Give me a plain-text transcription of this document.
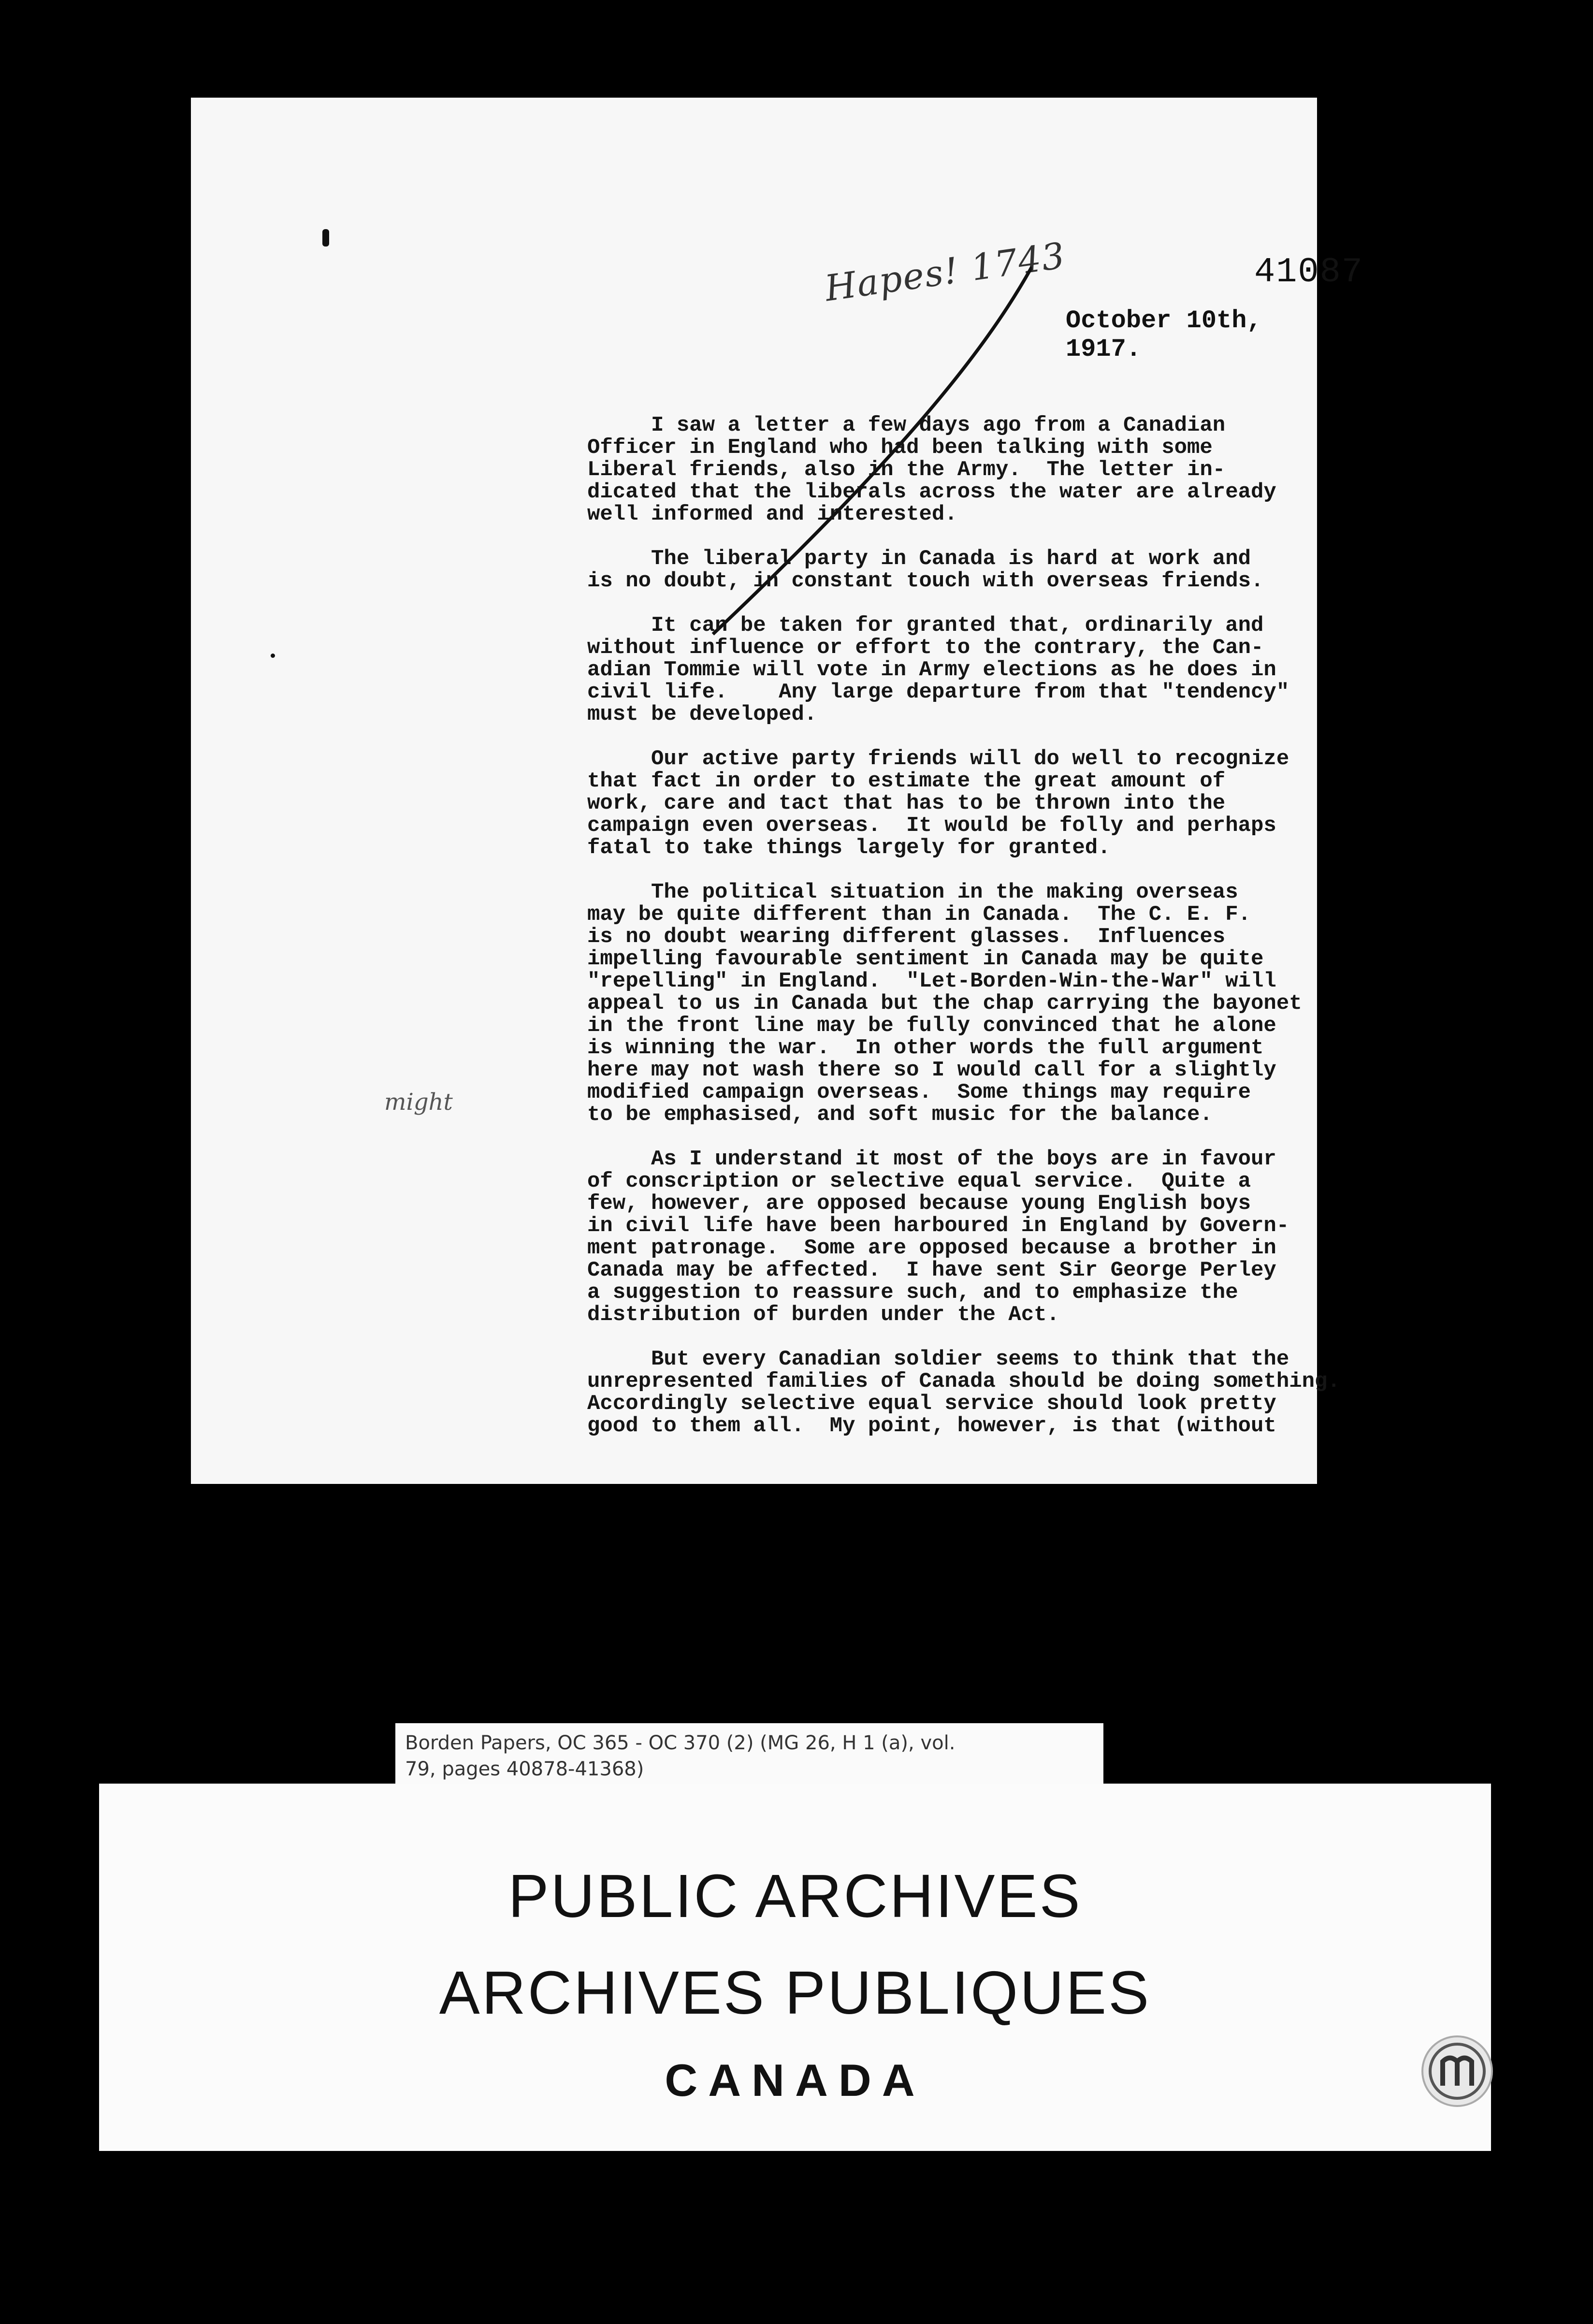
Hapes! 1743	41087
October 10th, 1917.
might

I saw a letter a few days ago from a Canadian
Officer in England who had been talking with some
Liberal friends, also in the Army.  The letter in-
dicated that the liberals across the water are already
well informed and interested.

The liberal party in Canada is hard at work and
is no doubt, in constant touch with overseas friends.

It can be taken for granted that, ordinarily and
without influence or effort to the contrary, the Can-
adian Tommie will vote in Army elections as he does in
civil life.    Any large departure from that "tendency"
must be developed.

Our active party friends will do well to recognize
that fact in order to estimate the great amount of
work, care and tact that has to be thrown into the
campaign even overseas.  It would be folly and perhaps
fatal to take things largely for granted.

The political situation in the making overseas
may be quite different than in Canada.  The C. E. F.
is no doubt wearing different glasses.  Influences
impelling favourable sentiment in Canada may be quite
"repelling" in England.  "Let-Borden-Win-the-War" will
appeal to us in Canada but the chap carrying the bayonet
in the front line may be fully convinced that he alone
is winning the war.  In other words the full argument
here may not wash there so I would call for a slightly
modified campaign overseas.  Some things may require
to be emphasised, and soft music for the balance.

As I understand it most of the boys are in favour
of conscription or selective equal service.  Quite a
few, however, are opposed because young English boys
in civil life have been harboured in England by Govern-
ment patronage.  Some are opposed because a brother in
Canada may be affected.  I have sent Sir George Perley
a suggestion to reassure such, and to emphasize the
distribution of burden under the Act.

But every Canadian soldier seems to think that the
unrepresented families of Canada should be doing something.
Accordingly selective equal service should look pretty
good to them all.  My point, however, is that (without

Borden Papers, OC 365 - OC 370 (2) (MG 26, H 1 (a), vol.
79, pages 40878-41368)
PUBLIC ARCHIVES
ARCHIVES PUBLIQUES
CANADA
